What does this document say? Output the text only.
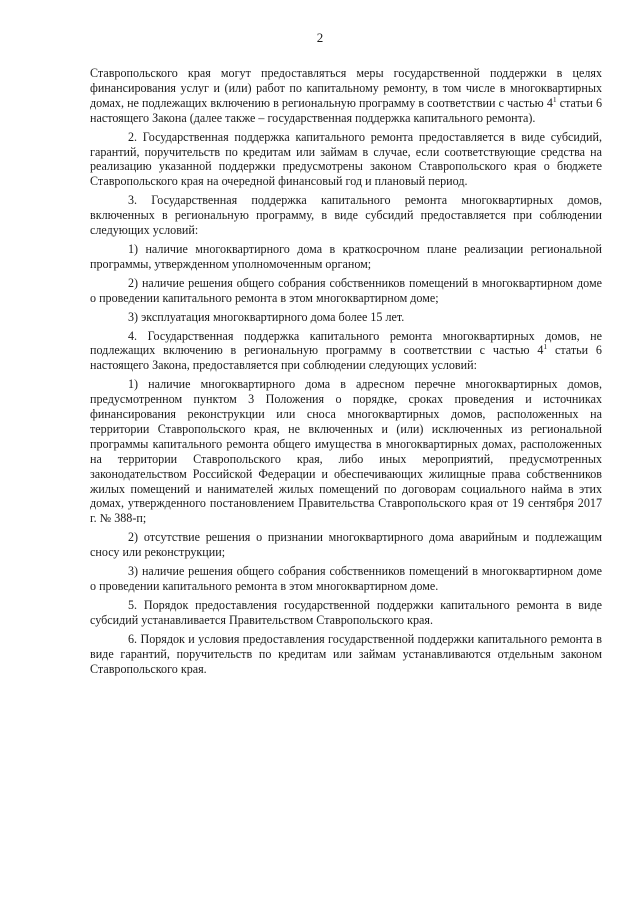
2

Ставропольского края могут предоставляться меры государственной поддержки в целях финансирования услуг и (или) работ по капитальному ремонту, в том числе в многоквартирных домах, не подлежащих включению в региональную программу в соответствии с частью 4$^1$ статьи 6 настоящего Закона (далее также – государственная поддержка капитального ремонта).

2. Государственная поддержка капитального ремонта предоставляется в виде субсидий, гарантий, поручительств по кредитам или займам в случае, если соответствующие средства на реализацию указанной поддержки предусмотрены законом Ставропольского края о бюджете Ставропольского края на очередной финансовый год и плановый период.

3. Государственная поддержка капитального ремонта многоквартирных домов, включенных в региональную программу, в виде субсидий предоставляется при соблюдении следующих условий:

1) наличие многоквартирного дома в краткосрочном плане реализации региональной программы, утвержденном уполномоченным органом;

2) наличие решения общего собрания собственников помещений в многоквартирном доме о проведении капитального ремонта в этом многоквартирном доме;

3) эксплуатация многоквартирного дома более 15 лет.

4. Государственная поддержка капитального ремонта многоквартирных домов, не подлежащих включению в региональную программу в соответствии с частью 4$^1$ статьи 6 настоящего Закона, предоставляется при соблюдении следующих условий:

1) наличие многоквартирного дома в адресном перечне многоквартирных домов, предусмотренном пунктом 3 Положения о порядке, сроках проведения и источниках финансирования реконструкции или сноса многоквартирных домов, расположенных на территории Ставропольского края, не включенных и (или) исключенных из региональной программы капитального ремонта общего имущества в многоквартирных домах, расположенных на территории Ставропольского края, либо иных мероприятий, предусмотренных законодательством Российской Федерации и обеспечивающих жилищные права собственников жилых помещений и нанимателей жилых помещений по договорам социального найма в этих домах, утвержденного постановлением Правительства Ставропольского края от 19 сентября 2017 г. № 388-п;

2) отсутствие решения о признании многоквартирного дома аварийным и подлежащим сносу или реконструкции;

3) наличие решения общего собрания собственников помещений в многоквартирном доме о проведении капитального ремонта в этом многоквартирном доме.

5. Порядок предоставления государственной поддержки капитального ремонта в виде субсидий устанавливается Правительством Ставропольского края.

6. Порядок и условия предоставления государственной поддержки капитального ремонта в виде гарантий, поручительств по кредитам или займам устанавливаются отдельным законом Ставропольского края.
